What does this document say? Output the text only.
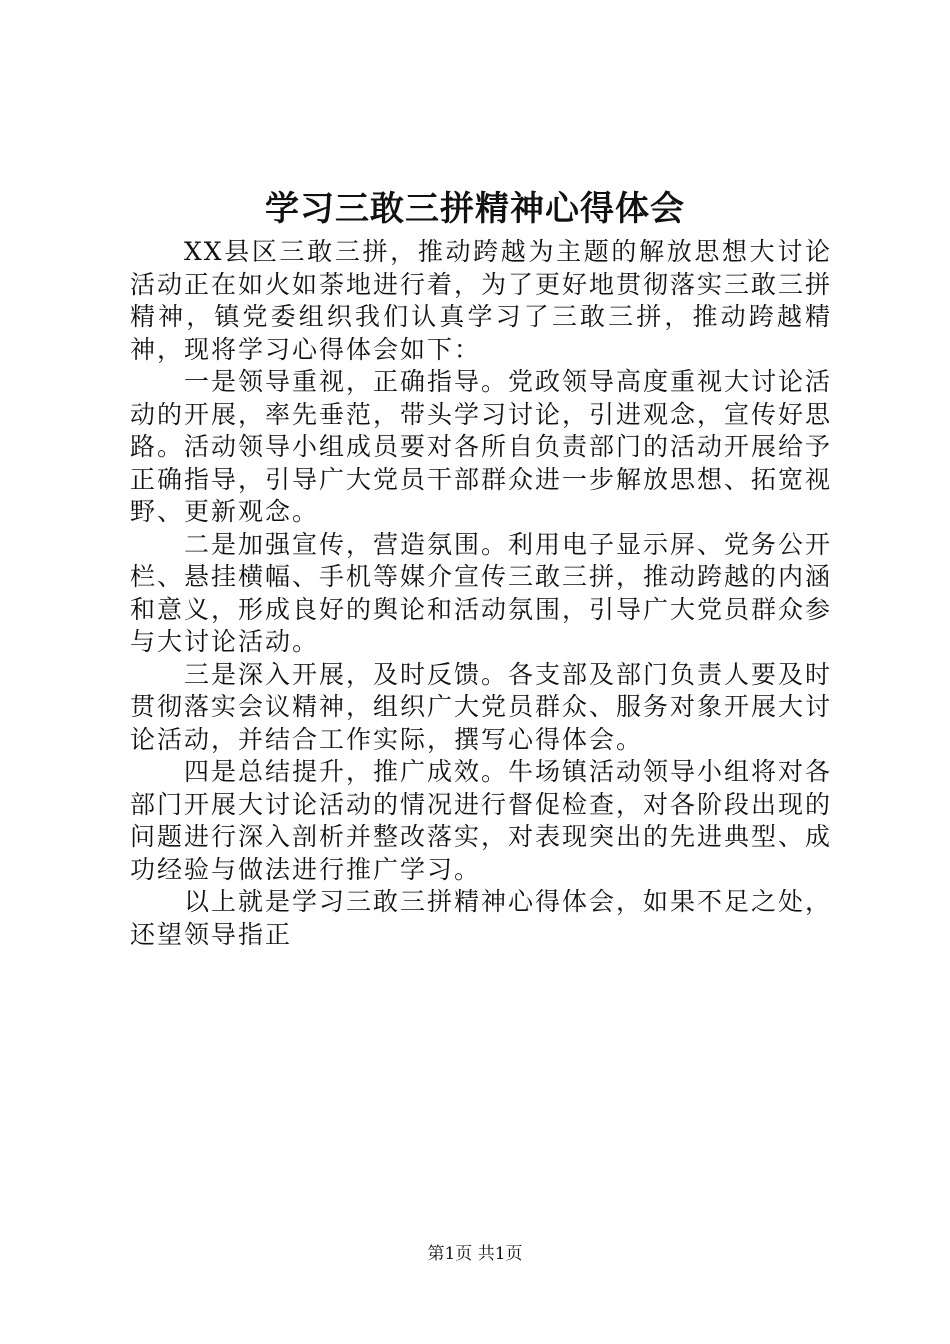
学习三敢三拼精神心得体会

XX县区三敢三拼，推动跨越为主题的解放思想大讨论活动正在如火如荼地进行着，为了更好地贯彻落实三敢三拼精神，镇党委组织我们认真学习了三敢三拼，推动跨越精神，现将学习心得体会如下：

一是领导重视，正确指导。党政领导高度重视大讨论活动的开展，率先垂范，带头学习讨论，引进观念，宣传好思路。活动领导小组成员要对各所自负责部门的活动开展给予正确指导，引导广大党员干部群众进一步解放思想、拓宽视野、更新观念。

二是加强宣传，营造氛围。利用电子显示屏、党务公开栏、悬挂横幅、手机等媒介宣传三敢三拼，推动跨越的内涵和意义，形成良好的舆论和活动氛围，引导广大党员群众参与大讨论活动。

三是深入开展，及时反馈。各支部及部门负责人要及时贯彻落实会议精神，组织广大党员群众、服务对象开展大讨论活动，并结合工作实际，撰写心得体会。

四是总结提升，推广成效。牛场镇活动领导小组将对各部门开展大讨论活动的情况进行督促检查，对各阶段出现的问题进行深入剖析并整改落实，对表现突出的先进典型、成功经验与做法进行推广学习。

以上就是学习三敢三拼精神心得体会，如果不足之处，还望领导指正

第1页 共1页
